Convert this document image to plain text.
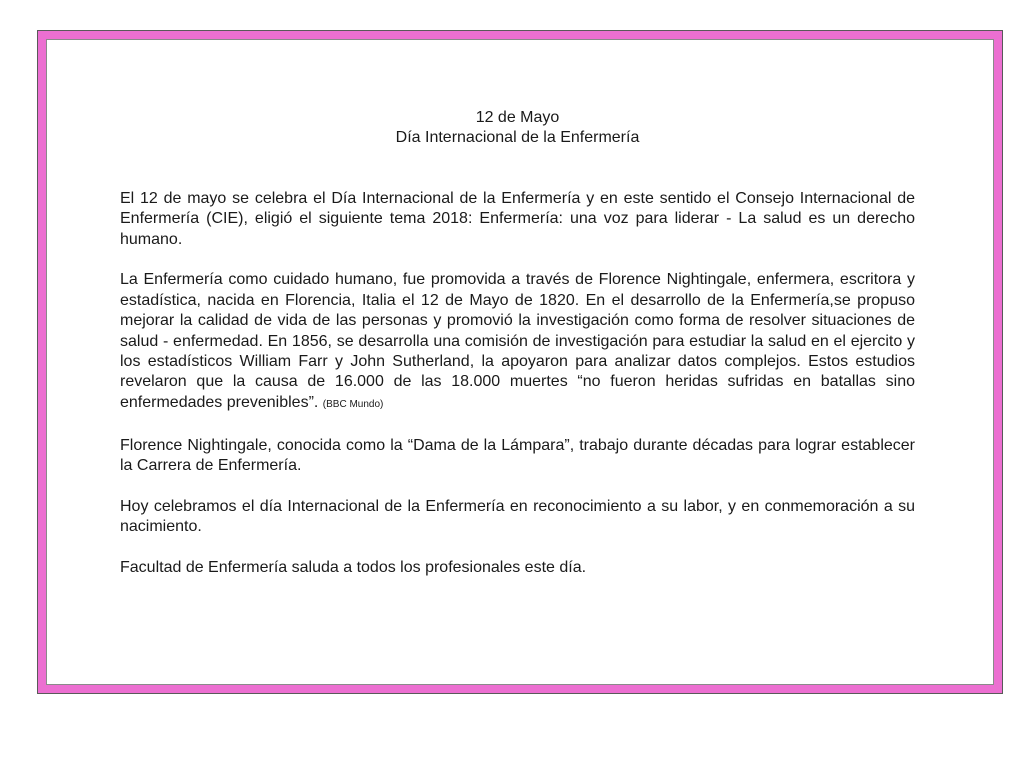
12 de Mayo
Día Internacional de la Enfermería

El 12 de mayo se celebra el Día Internacional de la Enfermería y en este sentido el Consejo Internacional de Enfermería (CIE), eligió el siguiente tema 2018: Enfermería: una voz para liderar - La salud es un derecho humano.

La Enfermería como cuidado humano, fue promovida a través de Florence Nightingale, enfermera, escritora y estadística, nacida en Florencia, Italia el 12 de Mayo de 1820. En el desarrollo de la Enfermería,se propuso mejorar la calidad de vida de las personas y promovió la investigación como forma de resolver situaciones de salud - enfermedad. En 1856, se desarrolla una comisión de investigación para estudiar la salud en el ejercito y los estadísticos William Farr y John Sutherland, la apoyaron para analizar datos complejos. Estos estudios revelaron que la causa de 16.000 de las 18.000 muertes “no fueron heridas sufridas en batallas sino enfermedades prevenibles”. (BBC Mundo)

Florence Nightingale, conocida como la “Dama de la Lámpara”, trabajo durante décadas para lograr establecer la Carrera de Enfermería.

Hoy celebramos el día Internacional de la Enfermería en reconocimiento a su labor, y en conmemoración a su nacimiento.

Facultad de Enfermería saluda a todos los profesionales este día.
